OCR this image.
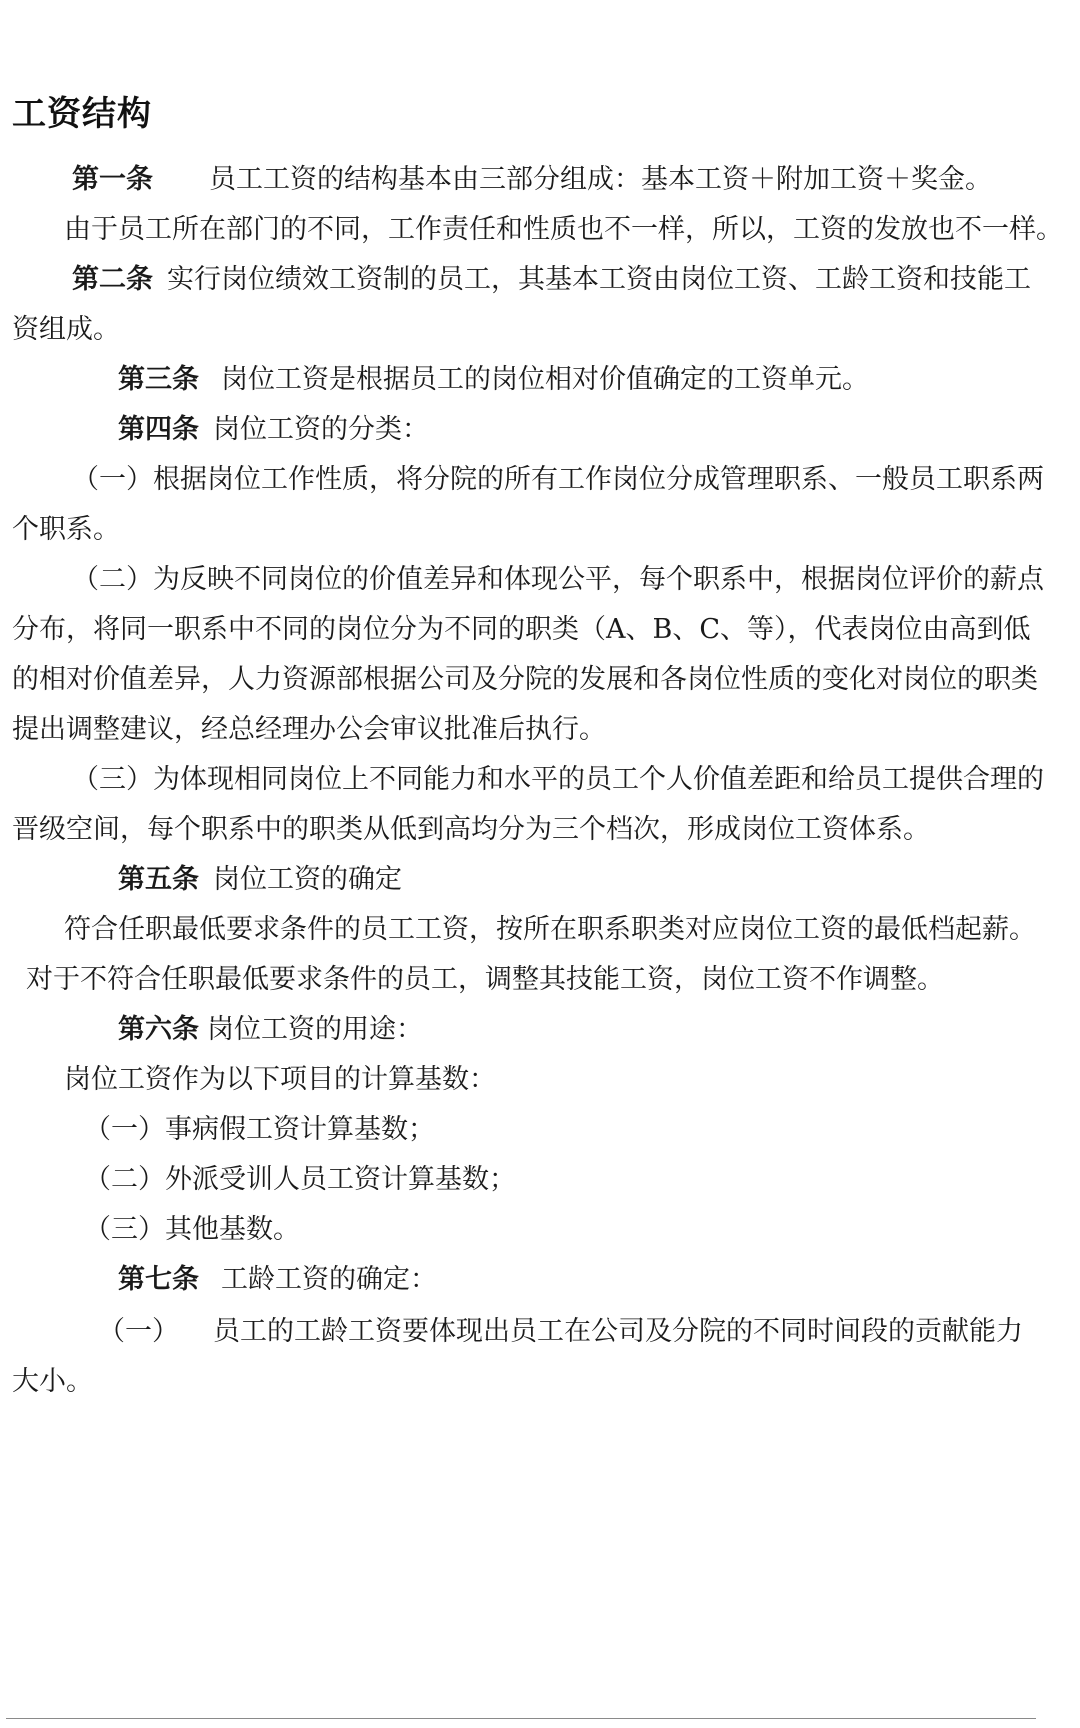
工资结构
第一条 员工工资的结构基本由三部分组成：基本工资＋附加工资＋奖金。
由于员工所在部门的不同，工作责任和性质也不一样，所以，工资的发放也不一样。
第二条 实行岗位绩效工资制的员工，其基本工资由岗位工资、工龄工资和技能工
资组成。
第三条 岗位工资是根据员工的岗位相对价值确定的工资单元。
第四条 岗位工资的分类：
（一）根据岗位工作性质，将分院的所有工作岗位分成管理职系、一般员工职系两
个职系。
（二）为反映不同岗位的价值差异和体现公平，每个职系中，根据岗位评价的薪点
分布，将同一职系中不同的岗位分为不同的职类（A、B、C、等），代表岗位由高到低
的相对价值差异，人力资源部根据公司及分院的发展和各岗位性质的变化对岗位的职类
提出调整建议，经总经理办公会审议批准后执行。
（三）为体现相同岗位上不同能力和水平的员工个人价值差距和给员工提供合理的
晋级空间，每个职系中的职类从低到高均分为三个档次，形成岗位工资体系。
第五条 岗位工资的确定
符合任职最低要求条件的员工工资，按所在职系职类对应岗位工资的最低档起薪。
对于不符合任职最低要求条件的员工，调整其技能工资，岗位工资不作调整。
第六条 岗位工资的用途：
岗位工资作为以下项目的计算基数：
（一）事病假工资计算基数；
（二）外派受训人员工资计算基数；
（三）其他基数。
第七条 工龄工资的确定：
（一） 员工的工龄工资要体现出员工在公司及分院的不同时间段的贡献能力
大小。
